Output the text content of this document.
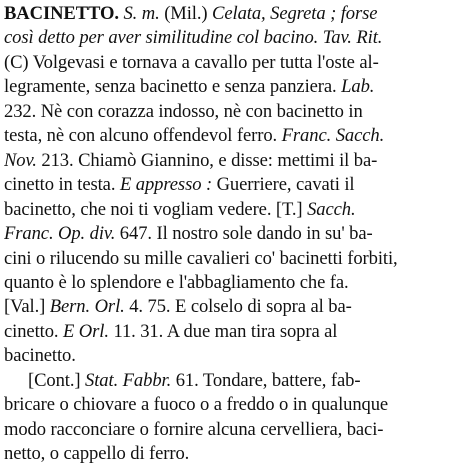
BACINETTO. S. m. (Mil.) Celata, Segreta ; forse
così detto per aver similitudine col bacino. Tav. Rit.
(C) Volgevasi e tornava a cavallo per tutta l'oste al-
legramente, senza bacinetto e senza panziera. Lab.
232. Nè con corazza indosso, nè con bacinetto in
testa, nè con alcuno offendevol ferro. Franc. Sacch.
Nov. 213. Chiamò Giannino, e disse: mettimi il ba-
cinetto in testa. E appresso : Guerriere, cavati il
bacinetto, che noi ti vogliam vedere. [T.] Sacch.
Franc. Op. div. 647. Il nostro sole dando in su' ba-
cini o rilucendo su mille cavalieri co' bacinetti forbiti,
quanto è lo splendore e l'abbagliamento che fa.
[Val.] Bern. Orl. 4. 75. E colselo di sopra al ba-
cinetto. E Orl. 11. 31. A due man tira sopra al
bacinetto.
[Cont.] Stat. Fabbr. 61. Tondare, battere, fab-
bricare o chiovare a fuoco o a freddo o in qualunque
modo racconciare o fornire alcuna cervelliera, baci-
netto, o cappello di ferro.
